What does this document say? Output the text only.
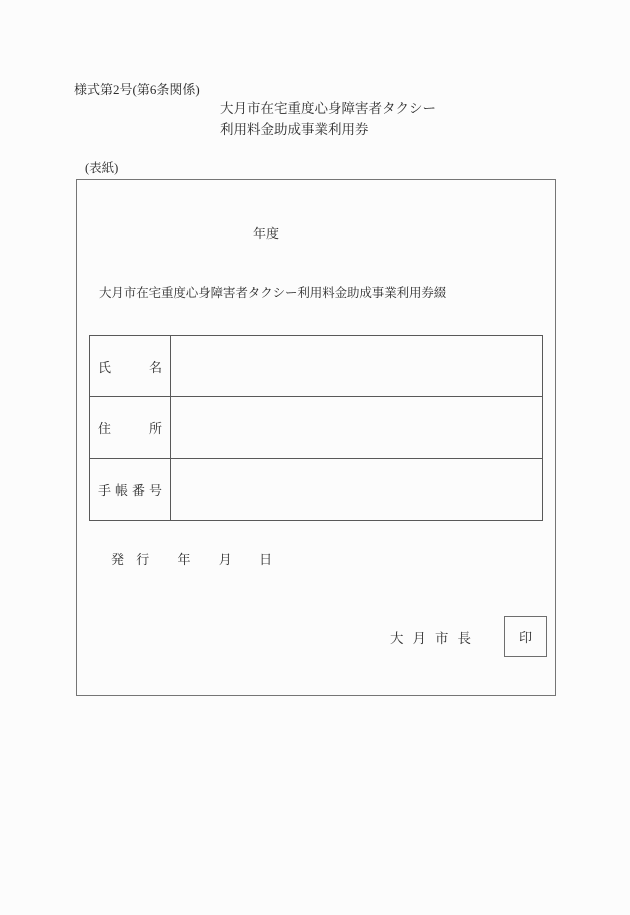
様式第2号(第6条関係)
大月市在宅重度心身障害者タクシー
利用料金助成事業利用券
(表紙)
年度
大月市在宅重度心身障害者タクシー利用料金助成事業利用券綴
氏名
住所
手帳番号
発 行 年 月 日
大月市長	印
